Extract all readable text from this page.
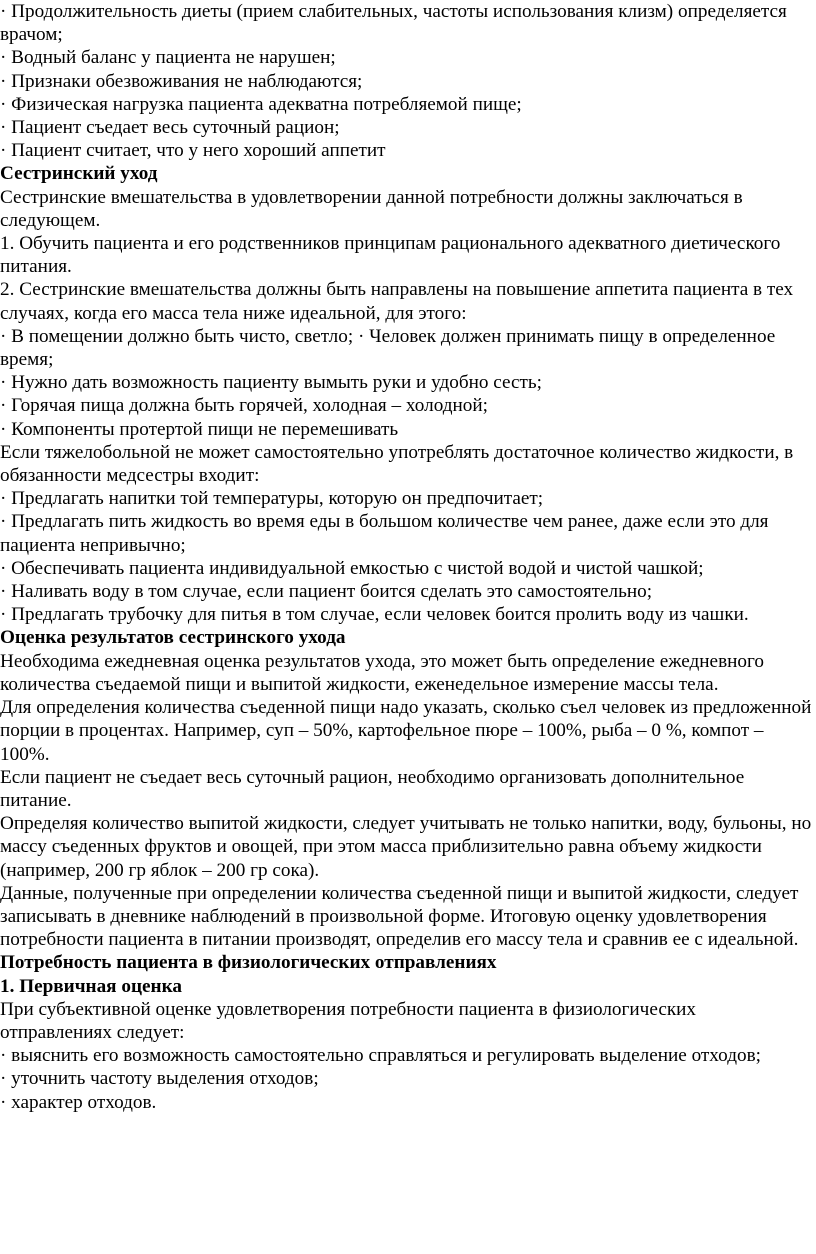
· Продолжительность диеты (прием слабительных, частоты использования клизм) определяется врачом;

· Водный баланс у пациента не нарушен;

· Признаки обезвоживания не наблюдаются;

· Физическая нагрузка пациента адекватна потребляемой пище;

· Пациент съедает весь суточный рацион;

· Пациент считает, что у него хороший аппетит

Сестринский уход

Сестринские вмешательства в удовлетворении данной потребности должны заключаться в следующем.

1. Обучить пациента и его родственников принципам рационального адекватного диетического питания.

2. Сестринские вмешательства должны быть направлены на повышение аппетита пациента в тех случаях, когда его масса тела ниже идеальной, для этого:

· В помещении должно быть чисто, светло; · Человек должен принимать пищу в определенное время;

· Нужно дать возможность пациенту вымыть руки и удобно сесть;

· Горячая пища должна быть горячей, холодная – холодной;

· Компоненты протертой пищи не перемешивать

Если тяжелобольной не может самостоятельно употреблять достаточное количество жидкости, в обязанности медсестры входит:

· Предлагать напитки той температуры, которую он предпочитает;

· Предлагать пить жидкость во время еды в большом количестве чем ранее, даже если это для пациента непривычно;

· Обеспечивать пациента индивидуальной емкостью с чистой водой и чистой чашкой;

· Наливать воду в том случае, если пациент боится сделать это самостоятельно;

· Предлагать трубочку для питья в том случае, если человек боится пролить воду из чашки.

Оценка результатов сестринского ухода

Необходима ежедневная оценка результатов ухода, это может быть определение ежедневного количества съедаемой пищи и выпитой жидкости, еженедельное измерение массы тела.

Для определения количества съеденной пищи надо указать, сколько съел человек из предложенной порции в процентах. Например, суп – 50%, картофельное пюре – 100%, рыба – 0 %, компот – 100%.

Если пациент не съедает весь суточный рацион, необходимо организовать дополнительное питание.

Определяя количество выпитой жидкости, следует учитывать не только напитки, воду, бульоны, но массу съеденных фруктов и овощей, при этом масса приблизительно равна объему жидкости (например, 200 гр яблок – 200 гр сока).

Данные, полученные при определении количества съеденной пищи и выпитой жидкости, следует записывать в дневнике наблюдений в произвольной форме. Итоговую оценку удовлетворения потребности пациента в питании производят, определив его массу тела и сравнив ее с идеальной.

Потребность пациента в физиологических отправлениях

1. Первичная оценка

При субъективной оценке удовлетворения потребности пациента в физиологических отправлениях следует:

· выяснить его возможность самостоятельно справляться и регулировать выделение отходов;

· уточнить частоту выделения отходов;

· характер отходов.
